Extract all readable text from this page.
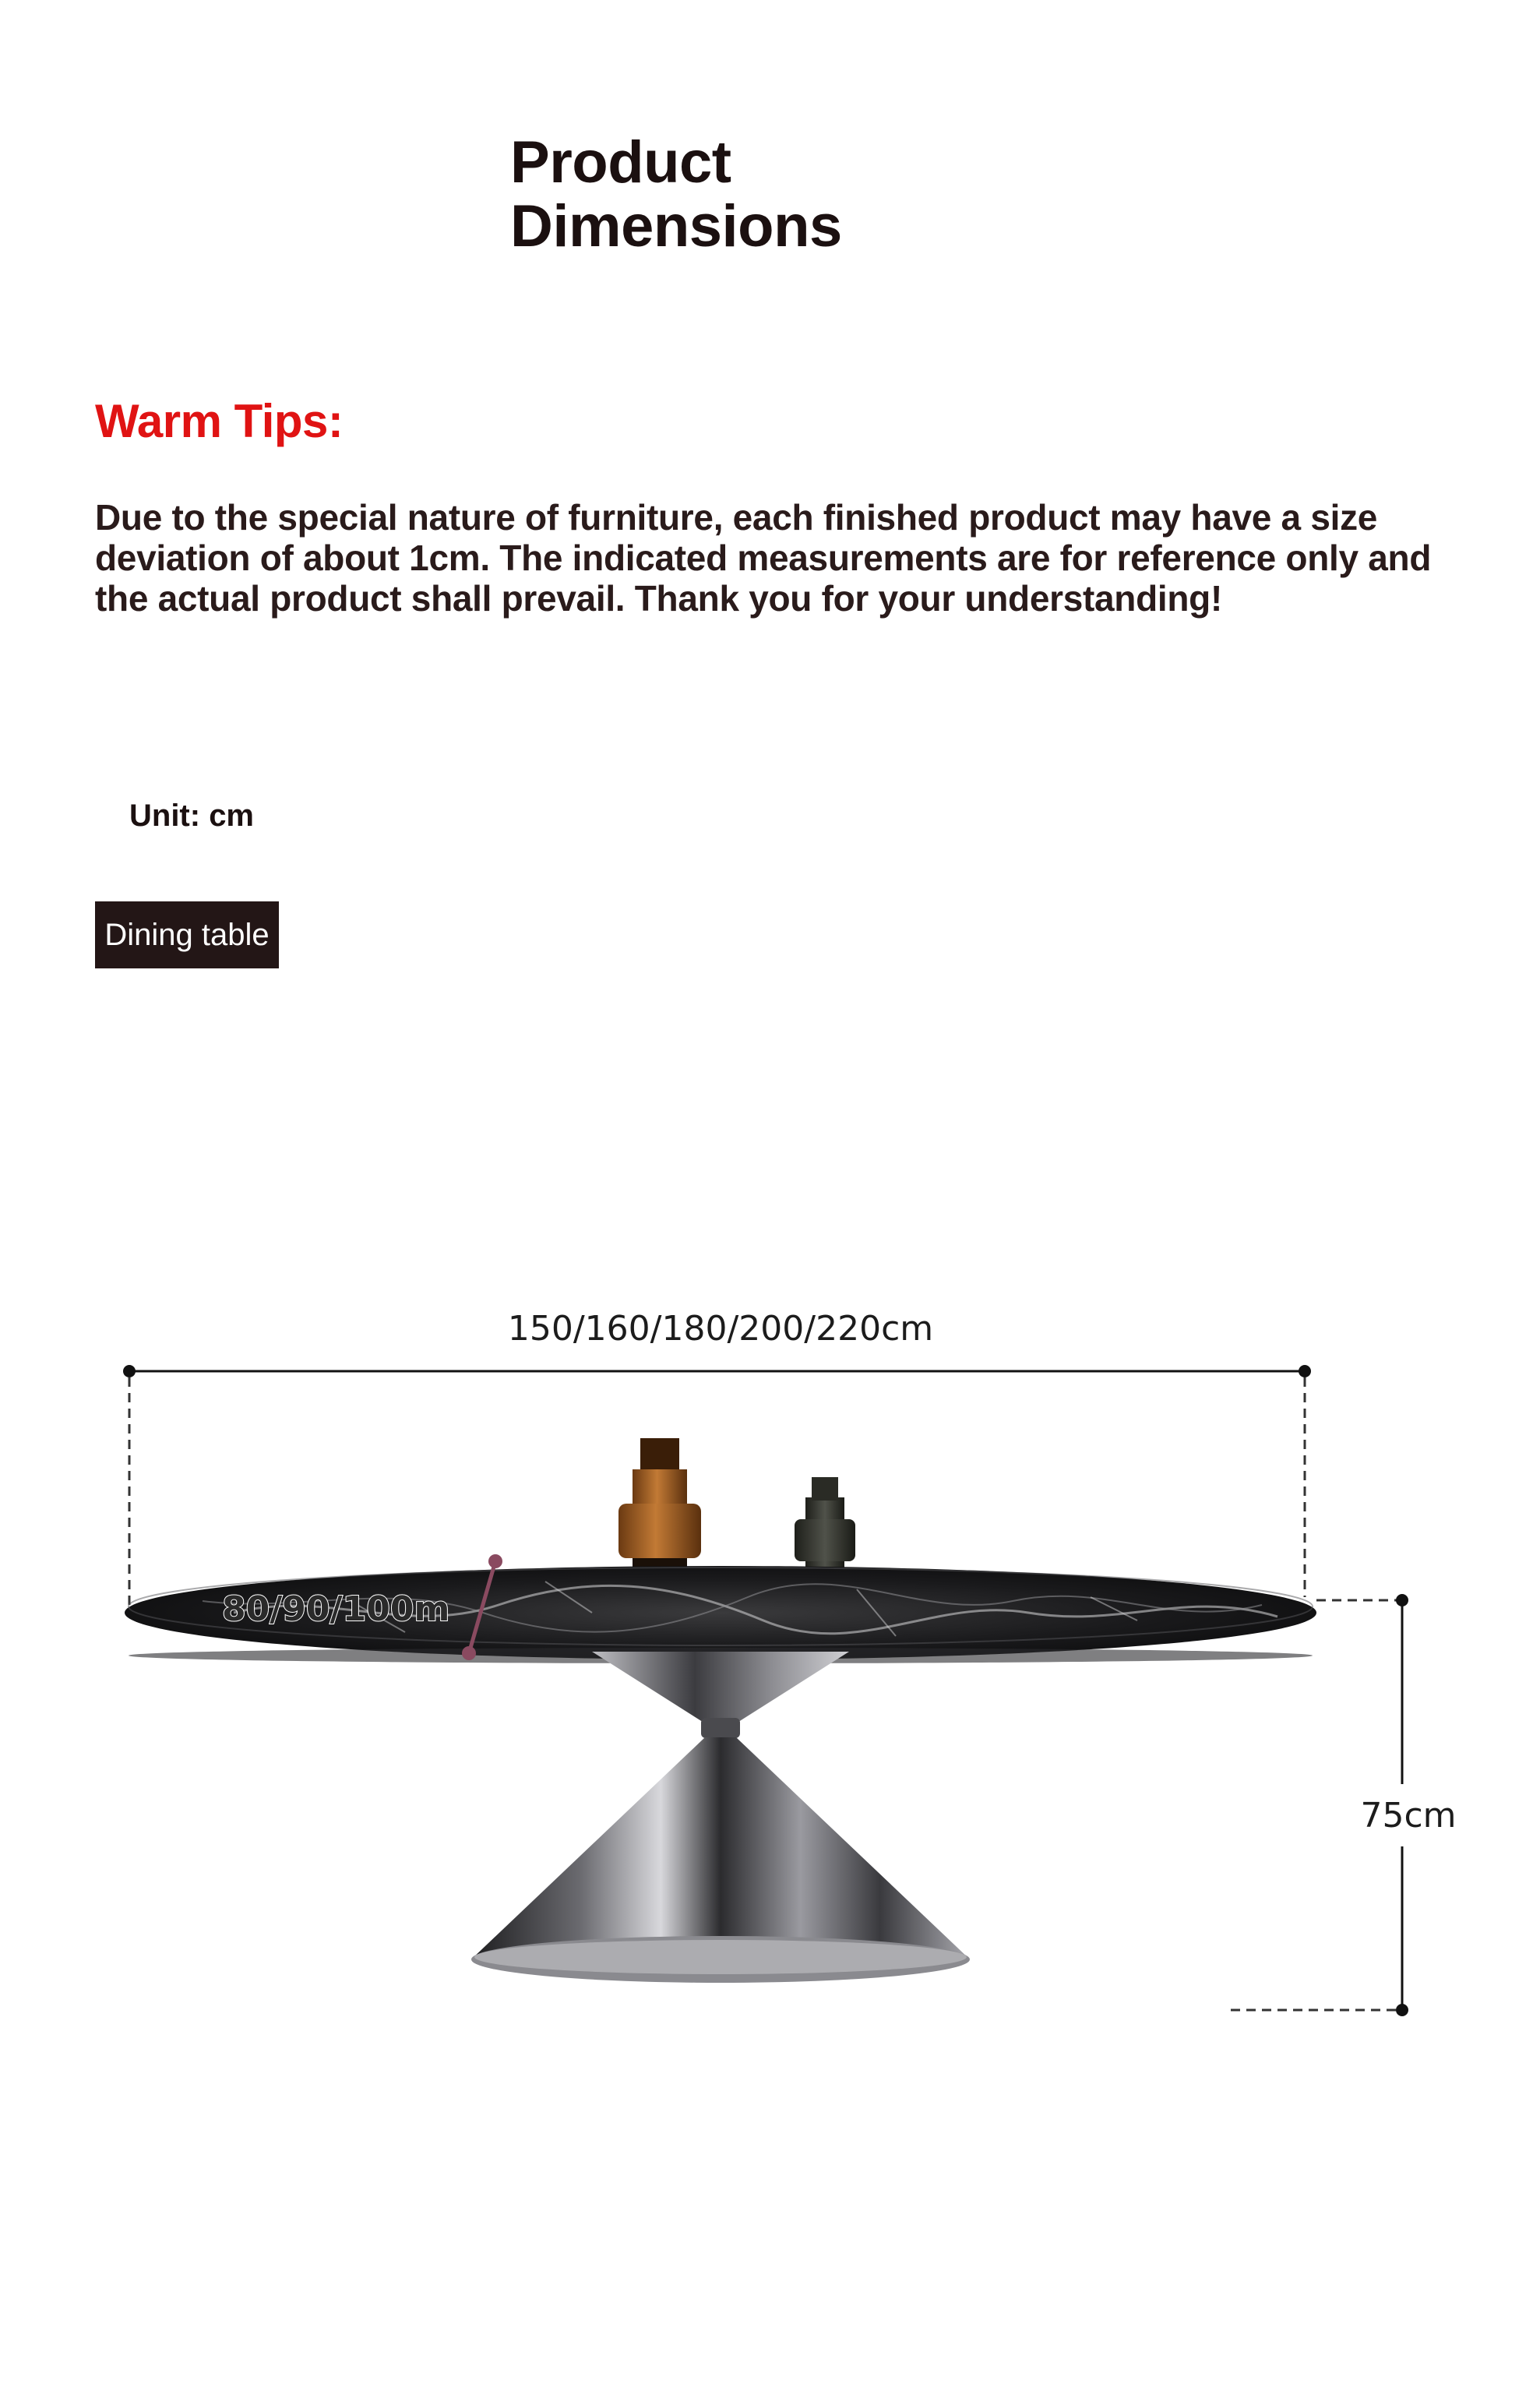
Product
Dimensions
Warm Tips:

Due to the special nature of furniture, each finished product may have a size deviation of about 1cm. The indicated measurements are for reference only and the actual product shall prevail. Thank you for your understanding!

Unit: cm

Dining table
150/160/180/200/220cm
80/90/100m
75cm
